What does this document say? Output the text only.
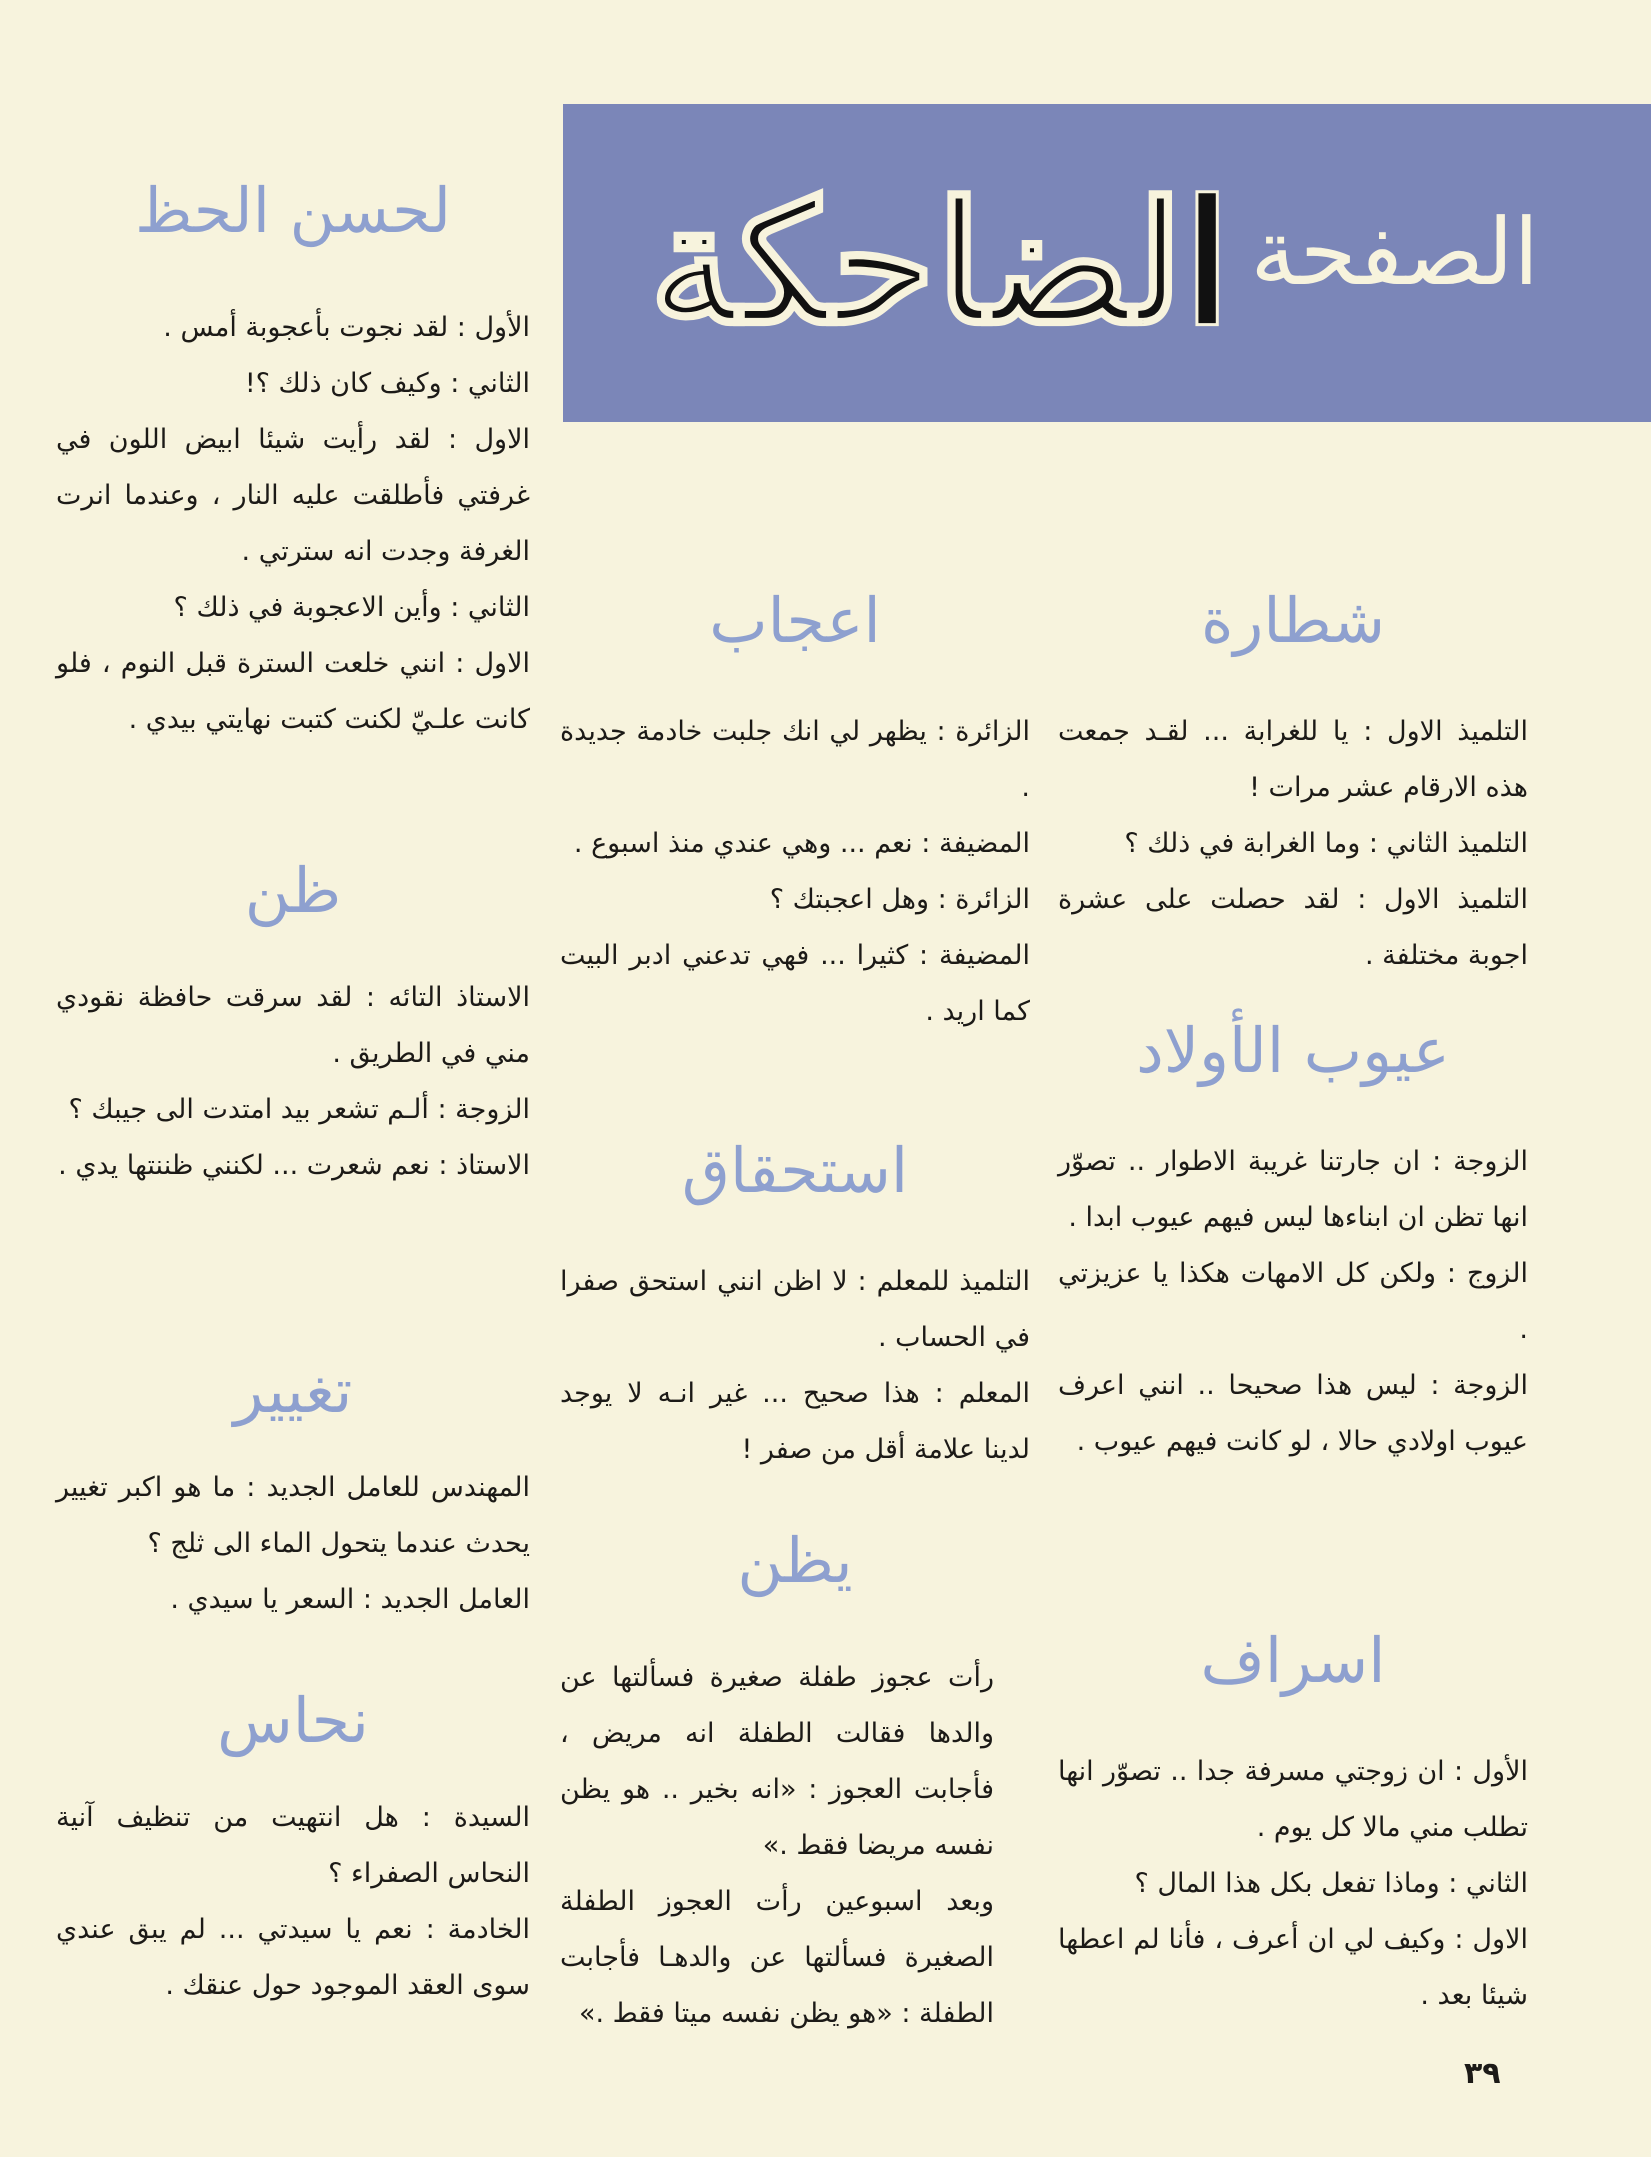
الصفحة
الضاحكة
لحسن الحظ

الأول : لقد نجوت بأعجوبة أمس .

الثاني : وكيف كان ذلك ؟!

الاول : لقد رأيت شيئا ابيض اللون في غرفتي فأطلقت عليه النار ، وعندما انرت الغرفة وجدت انه سترتي .

الثاني : وأين الاعجوبة في ذلك ؟

الاول : انني خلعت السترة قبل النوم ، فلو كانت علـيّ لكنت كتبت نهايتي بيدي .

ظن

الاستاذ التائه : لقد سرقت حافظة نقودي مني في الطريق .

الزوجة : ألـم تشعر بيد امتدت الى جيبك ؟

الاستاذ : نعم شعرت ... لكنني ظننتها يدي .

تغيير

المهندس للعامل الجديد : ما هو اكبر تغيير يحدث عندما يتحول الماء الى ثلج ؟

العامل الجديد : السعر يا سيدي .

نحاس

السيدة : هل انتهيت من تنظيف آنية النحاس الصفراء ؟

الخادمة : نعم يا سيدتي ... لم يبق عندي سوى العقد الموجود حول عنقك .

اعجاب

الزائرة : يظهر لي انك جلبت خادمة جديدة .

المضيفة : نعم ... وهي عندي منذ اسبوع .

الزائرة : وهل اعجبتك ؟

المضيفة : كثيرا ... فهي تدعني ادبر البيت كما اريد .

استحقاق

التلميذ للمعلم : لا اظن انني استحق صفرا في الحساب .

المعلم : هذا صحيح ... غير انـه لا يوجد لدينا علامة أقل من صفر !

يظن

رأت عجوز طفلة صغيرة فسألتها عن والدها فقالت الطفلة انه مريض ، فأجابت العجوز : «انه بخير .. هو يظن نفسه مريضا فقط .»

وبعد اسبوعين رأت العجوز الطفلة الصغيرة فسألتها عن والدهـا فأجابت الطفلة : «هو يظن نفسه ميتا فقط .»

شطارة

التلميذ الاول : يا للغرابة ... لقـد جمعت هذه الارقام عشر مرات !

التلميذ الثاني : وما الغرابة في ذلك ؟

التلميذ الاول : لقد حصلت على عشرة اجوبة مختلفة .

عيوب الأولاد

الزوجة : ان جارتنا غريبة الاطوار .. تصوّر انها تظن ان ابناءها ليس فيهم عيوب ابدا .

الزوج : ولكن كل الامهات هكذا يا عزيزتي .

الزوجة : ليس هذا صحيحا .. انني اعرف عيوب اولادي حالا ، لو كانت فيهم عيوب .

اسراف

الأول : ان زوجتي مسرفة جدا .. تصوّر انها تطلب مني مالا كل يوم .

الثاني : وماذا تفعل بكل هذا المال ؟

الاول : وكيف لي ان أعرف ، فأنا لم اعطها شيئا بعد .

٣٩
